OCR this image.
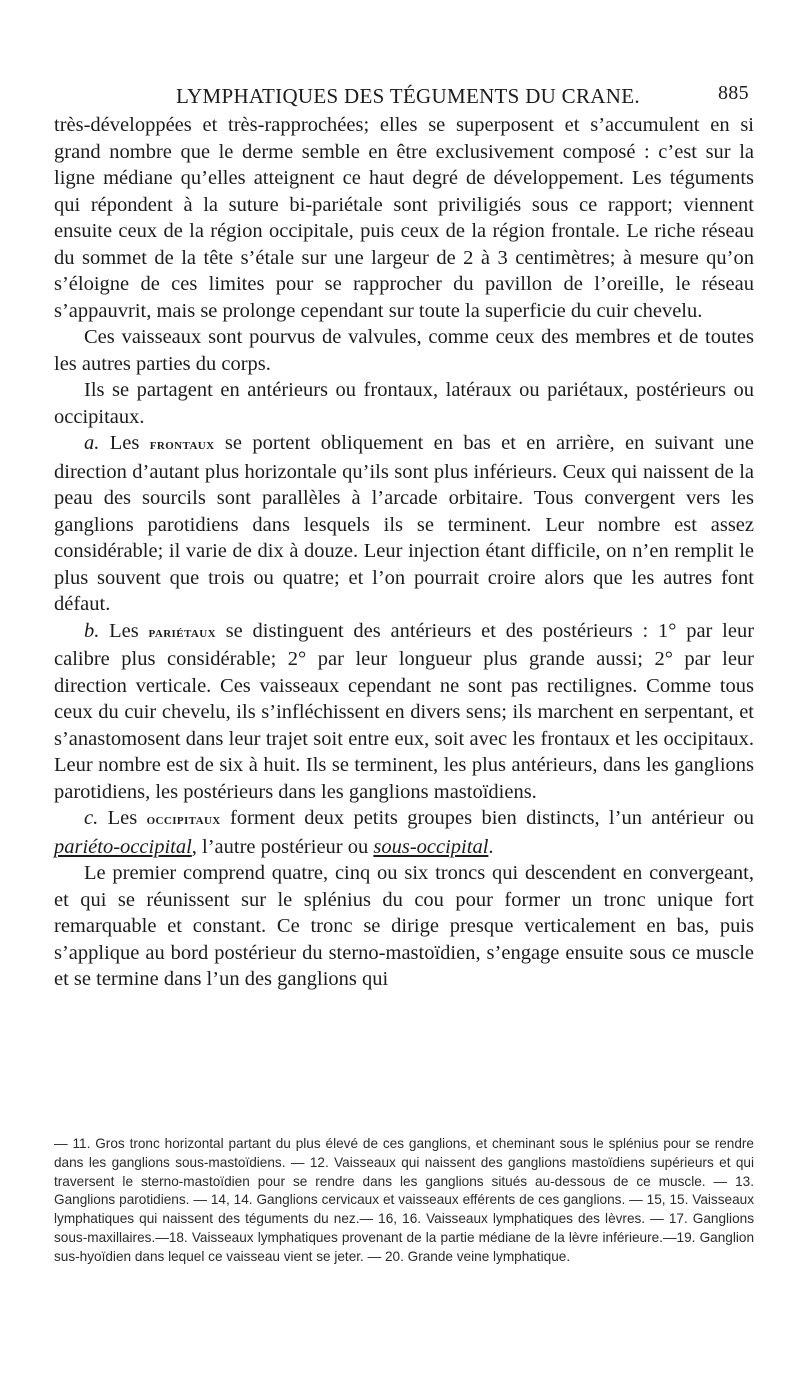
LYMPHATIQUES DES TÉGUMENTS DU CRANE.	885

très-développées et très-rapprochées; elles se superposent et s’accumulent en si grand nombre que le derme semble en être exclusivement composé : c’est sur la ligne médiane qu’elles atteignent ce haut degré de développement. Les téguments qui répondent à la suture bi-pariétale sont priviligiés sous ce rapport; viennent ensuite ceux de la région occipitale, puis ceux de la région frontale. Le riche réseau du sommet de la tête s’étale sur une largeur de 2 à 3 centimètres; à mesure qu’on s’éloigne de ces limites pour se rapprocher du pavillon de l’oreille, le réseau s’appauvrit, mais se prolonge cependant sur toute la superficie du cuir chevelu.

Ces vaisseaux sont pourvus de valvules, comme ceux des membres et de toutes les autres parties du corps.

Ils se partagent en antérieurs ou frontaux, latéraux ou pariétaux, postérieurs ou occipitaux.

a. Les frontaux se portent obliquement en bas et en arrière, en suivant une direction d’autant plus horizontale qu’ils sont plus inférieurs. Ceux qui naissent de la peau des sourcils sont parallèles à l’arcade orbitaire. Tous convergent vers les ganglions parotidiens dans lesquels ils se terminent. Leur nombre est assez considérable; il varie de dix à douze. Leur injection étant difficile, on n’en remplit le plus souvent que trois ou quatre; et l’on pourrait croire alors que les autres font défaut.

b. Les pariétaux se distinguent des antérieurs et des postérieurs : 1° par leur calibre plus considérable; 2° par leur longueur plus grande aussi; 2° par leur direction verticale. Ces vaisseaux cependant ne sont pas rectilignes. Comme tous ceux du cuir chevelu, ils s’infléchissent en divers sens; ils marchent en serpentant, et s’anastomosent dans leur trajet soit entre eux, soit avec les frontaux et les occipitaux. Leur nombre est de six à huit. Ils se terminent, les plus antérieurs, dans les ganglions parotidiens, les postérieurs dans les ganglions mastoïdiens.

c. Les occipitaux forment deux petits groupes bien distincts, l’un antérieur ou pariéto-occipital, l’autre postérieur ou sous-occipital.

Le premier comprend quatre, cinq ou six troncs qui descendent en convergeant, et qui se réunissent sur le splénius du cou pour former un tronc unique fort remarquable et constant. Ce tronc se dirige presque verticalement en bas, puis s’applique au bord postérieur du sterno-mastoïdien, s’engage ensuite sous ce muscle et se termine dans l’un des ganglions qui

— 11. Gros tronc horizontal partant du plus élevé de ces ganglions, et cheminant sous le splénius pour se rendre dans les ganglions sous-mastoïdiens. — 12. Vaisseaux qui naissent des ganglions mastoïdiens supérieurs et qui traversent le sterno-mastoïdien pour se rendre dans les ganglions situés au-dessous de ce muscle. — 13. Ganglions parotidiens. — 14, 14. Ganglions cervicaux et vaisseaux efférents de ces ganglions. — 15, 15. Vaisseaux lymphatiques qui naissent des téguments du nez.— 16, 16. Vaisseaux lymphatiques des lèvres. — 17. Ganglions sous-maxillaires.—18. Vaisseaux lymphatiques provenant de la partie médiane de la lèvre inférieure.—19. Ganglion sus-hyoïdien dans lequel ce vaisseau vient se jeter. — 20. Grande veine lymphatique.
